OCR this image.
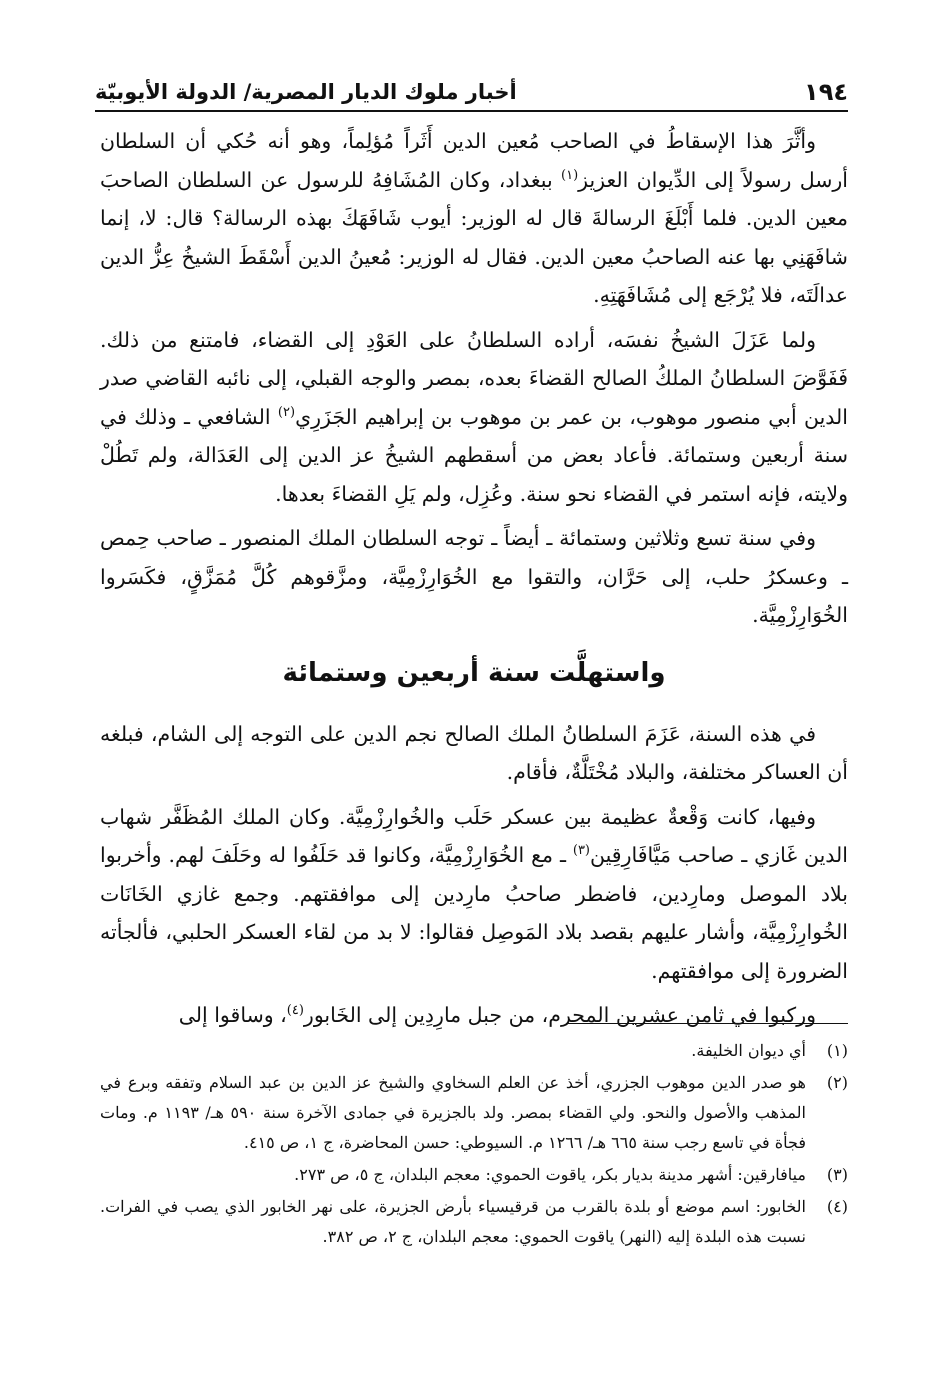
١٩٤
أخبار ملوك الديار المصرية/ الدولة الأيوبيّة

وأثَّرَ هذا الإسقاطُ في الصاحب مُعين الدين أَثَراً مُؤلِماً، وهو أنه حُكي أن السلطان أرسل رسولاً إلى الدِّيوان العزيز$^{(١)}$ ببغداد، وكان المُشَافِهُ للرسول عن السلطان الصاحبَ معين الدين. فلما أَبْلَغَ الرسالةَ قال له الوزير: أيوب شَافَهَكَ بهذه الرسالة؟ قال: لا، إنما شافَهَنِي بها عنه الصاحبُ معين الدين. فقال له الوزير: مُعينُ الدين أَسْقَطَ الشيخُ عِزُّ الدين عدالَتَه، فلا يُرْجَع إلى مُشَافَهَتِهِ.

ولما عَزَلَ الشيخُ نفسَه، أراده السلطانُ على العَوْدِ إلى القضاء، فامتنع من ذلك. فَفَوَّضَ السلطانُ الملكُ الصالح القضاءَ بعده، بمصر والوجه القبلي، إلى نائبه القاضي صدر الدين أبي منصور موهوب، بن عمر بن موهوب بن إبراهيم الجَزَرِي$^{(٢)}$ الشافعي ـ وذلك في سنة أربعين وستمائة. فأعاد بعض من أسقطهم الشيخُ عز الدين إلى العَدَالة، ولم تَطُلْ ولايته، فإنه استمر في القضاء نحو سنة. وعُزِل، ولم يَلِ القضاءَ بعدها.

وفي سنة تسع وثلاثين وستمائة ـ أيضاً ـ توجه السلطان الملك المنصور ـ صاحب حِمص ـ وعسكرُ حلب، إلى حَرَّان، والتقوا مع الخُوَارِزْمِيَّة، ومزَّقوهم كُلَّ مُمَزَّقٍ، فكَسَروا الخُوَارِزْمِيَّة.

واستهلَّت سنة أربعين وستمائة

في هذه السنة، عَزَمَ السلطانُ الملك الصالح نجم الدين على التوجه إلى الشام، فبلغه أن العساكر مختلفة، والبلاد مُخْتَلَّةٌ، فأقام.

وفيها، كانت وَقْعةٌ عظيمة بين عسكر حَلَب والخُوارِزْمِيَّة. وكان الملك المُظَفَّر شهاب الدين غَازي ـ صاحب مَيَّافَارِقِين$^{(٣)}$ ـ مع الخُوَارِزْمِيَّة، وكانوا قد حَلَفُوا له وحَلَفَ لهم. وأخربوا بلاد الموصل ومارِدين، فاضطر صاحبُ مارِدين إلى موافقتهم. وجمع غازي الخَانَات الخُوارِزْمِيَّة، وأشار عليهم بقصد بلاد المَوصِل فقالوا: لا بد من لقاء العسكر الحلبي، فألجأته الضرورة إلى موافقتهم.

وركبوا في ثامن عشرين المحرم، من جبل مارِدِين إلى الخَابور$^{(٤)}$، وساقوا إلى

(١)
أي ديوان الخليفة.
(٢)
هو صدر الدين موهوب الجزري، أخذ عن العلم السخاوي والشيخ عز الدين بن عبد السلام وتفقه وبرع في المذهب والأصول والنحو. ولي القضاء بمصر. ولد بالجزيرة في جمادى الآخرة سنة ٥٩٠ هـ/ ١١٩٣ م. ومات فجأة في تاسع رجب سنة ٦٦٥ هـ/ ١٢٦٦ م. السيوطي: حسن المحاضرة، ج ١، ص ٤١٥.
(٣)
ميافارقين: أشهر مدينة بديار بكر، ياقوت الحموي: معجم البلدان، ج ٥، ص ٢٧٣.
(٤)
الخابور: اسم موضع أو بلدة بالقرب من قرقيسياء بأرض الجزيرة، على نهر الخابور الذي يصب في الفرات. نسبت هذه البلدة إليه (النهر) ياقوت الحموي: معجم البلدان، ج ٢، ص ٣٨٢.
